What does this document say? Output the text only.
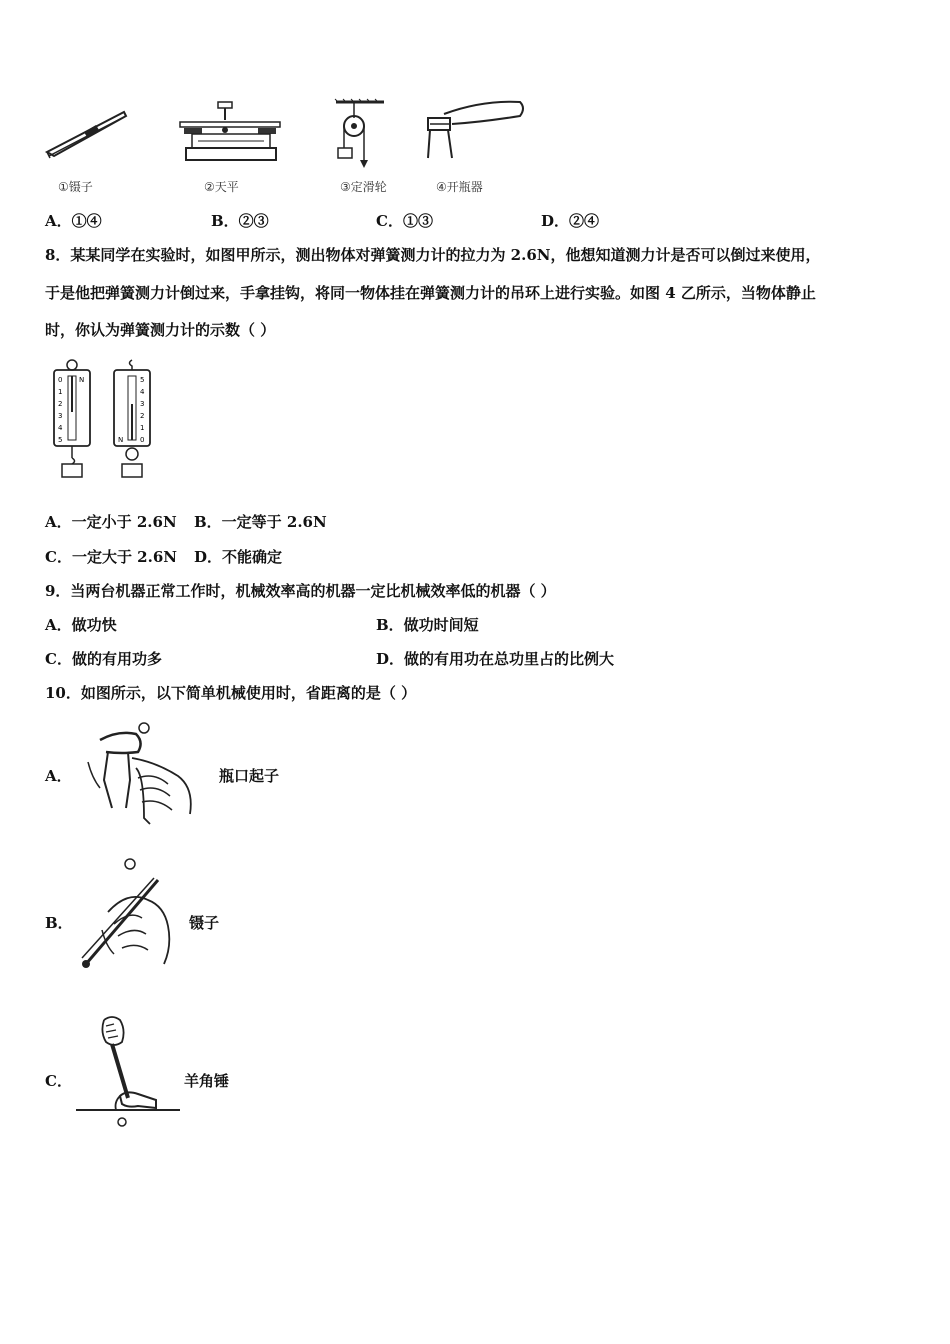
①镊子	②天平	③定滑轮	④开瓶器
A．①④	B．②③	C．①③	D．②④
8．某某同学在实验时，如图甲所示，测出物体对弹簧测力计的拉力为 2.6N，他想知道测力计是否可以倒过来使用，
于是他把弹簧测力计倒过来，手拿挂钩，将同一物体挂在弹簧测力计的吊环上进行实验。如图 4 乙所示，当物体静止
时，你认为弹簧测力计的示数（ ）
0
1
2
3
4
5
N	5
4
3
2
1
0
N
A．一定小于 2.6N B．一定等于 2.6N
C．一定大于 2.6N D．不能确定
9．当两台机器正常工作时，机械效率高的机器一定比机械效率低的机器（ ）
A．做功快	B．做功时间短
C．做的有用功多	D．做的有用功在总功里占的比例大
10．如图所示，以下简单机械使用时，省距离的是（ ）
A．	瓶口起子
B．	镊子
C．	羊角锤
